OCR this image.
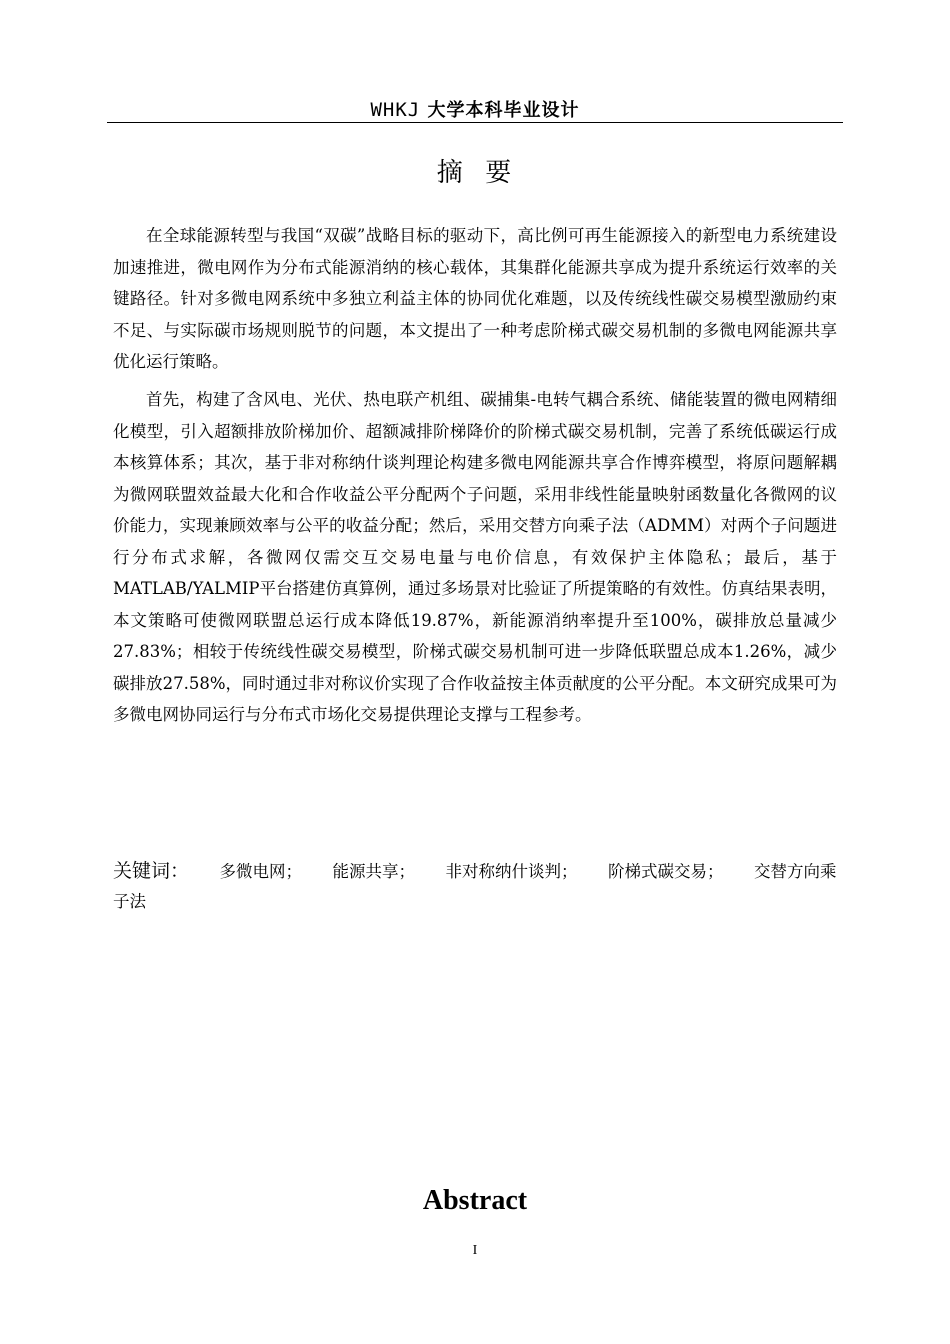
WHKJ 大学本科毕业设计
摘  要

在全球能源转型与我国“双碳”战略目标的驱动下，高比例可再生能源接入的新型电力系统建设加速推进，微电网作为分布式能源消纳的核心载体，其集群化能源共享成为提升系统运行效率的关键路径。针对多微电网系统中多独立利益主体的协同优化难题，以及传统线性碳交易模型激励约束不足、与实际碳市场规则脱节的问题，本文提出了一种考虑阶梯式碳交易机制的多微电网能源共享优化运行策略。

首先，构建了含风电、光伏、热电联产机组、碳捕集-电转气耦合系统、储能装置的微电网精细化模型，引入超额排放阶梯加价、超额减排阶梯降价的阶梯式碳交易机制，完善了系统低碳运行成本核算体系；其次，基于非对称纳什谈判理论构建多微电网能源共享合作博弈模型，将原问题解耦为微网联盟效益最大化和合作收益公平分配两个子问题，采用非线性能量映射函数量化各微网的议价能力，实现兼顾效率与公平的收益分配；然后，采用交替方向乘子法（ADMM）对两个子问题进行分布式求解，各微网仅需交互交易电量与电价信息，有效保护主体隐私；最后，基于MATLAB/YALMIP平台搭建仿真算例，通过多场景对比验证了所提策略的有效性。仿真结果表明，本文策略可使微网联盟总运行成本降低19.87%，新能源消纳率提升至100%，碳排放总量减少27.83%；相较于传统线性碳交易模型，阶梯式碳交易机制可进一步降低联盟总成本1.26%，减少碳排放27.58%，同时通过非对称议价实现了合作收益按主体贡献度的公平分配。本文研究成果可为多微电网协同运行与分布式市场化交易提供理论支撑与工程参考。

关键词： 多微电网； 能源共享； 非对称纳什谈判； 阶梯式碳交易； 交替方向乘子法
Abstract
I
